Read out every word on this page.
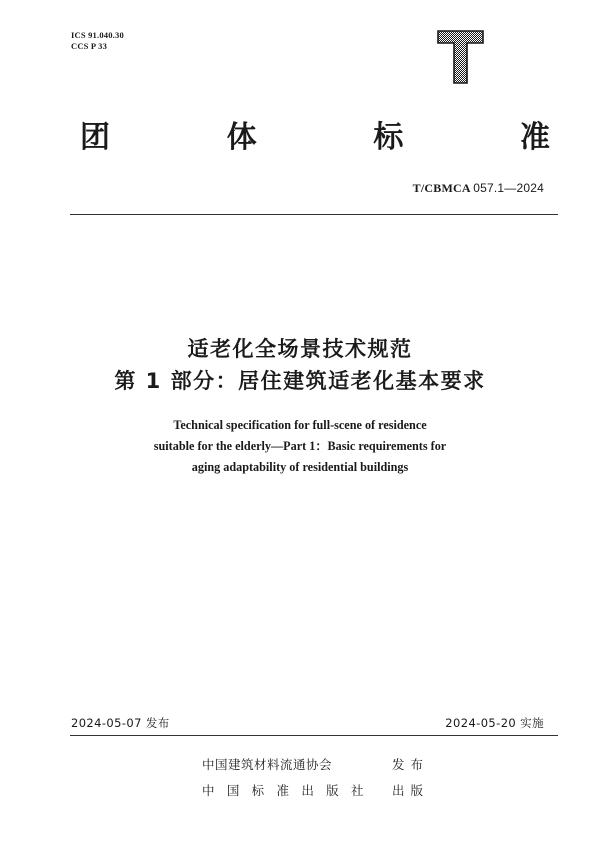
ICS 91.040.30
CCS P 33
团	体	标	准
T/CBMCA 057.1—2024
适老化全场景技术规范
第 1 部分：居住建筑适老化基本要求
Technical specification for full-scene of residence
suitable for the elderly—Part 1：Basic requirements for
aging adaptability of residential buildings
2024-05-07 发布	2024-05-20 实施
中国建筑材料流通协会	发布
中 国 标 准 出 版 社 出版
